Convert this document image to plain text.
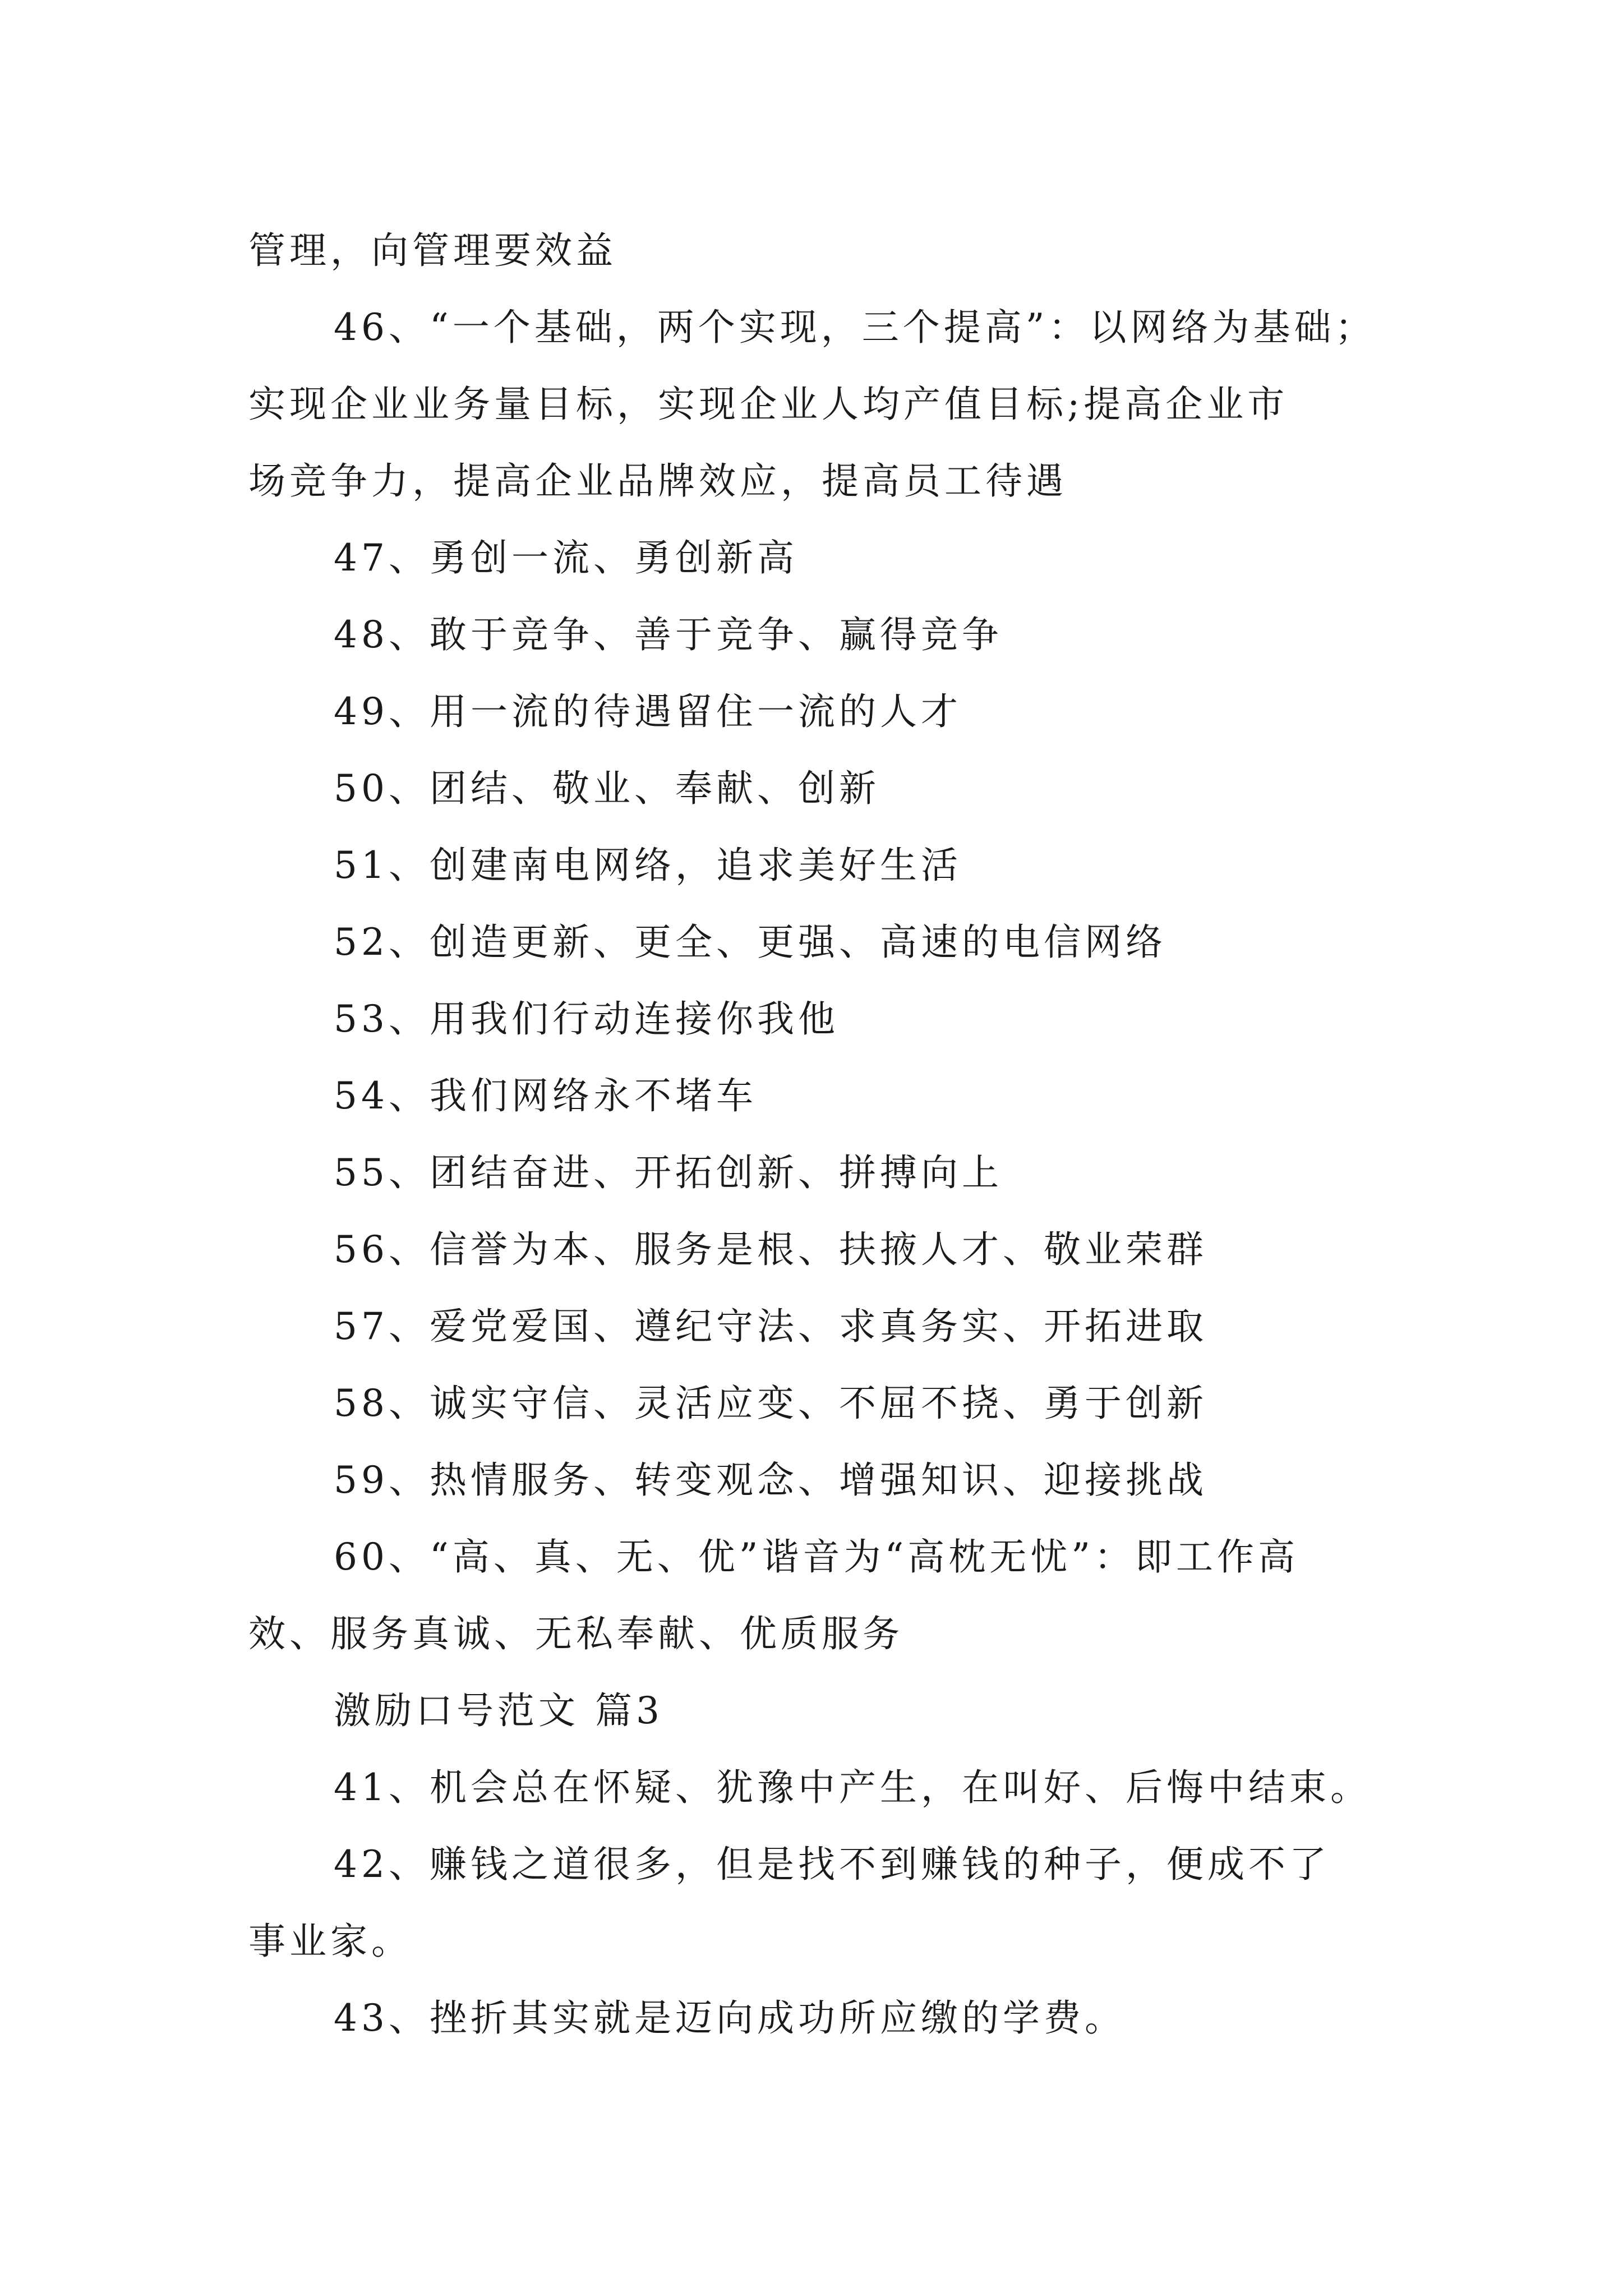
管理，向管理要效益
46、“一个基础，两个实现，三个提高”：以网络为基础；
实现企业业务量目标，实现企业人均产值目标;提高企业市
场竞争力，提高企业品牌效应，提高员工待遇
47、勇创一流、勇创新高
48、敢于竞争、善于竞争、赢得竞争
49、用一流的待遇留住一流的人才
50、团结、敬业、奉献、创新
51、创建南电网络，追求美好生活
52、创造更新、更全、更强、高速的电信网络
53、用我们行动连接你我他
54、我们网络永不堵车
55、团结奋进、开拓创新、拼搏向上
56、信誉为本、服务是根、扶掖人才、敬业荣群
57、爱党爱国、遵纪守法、求真务实、开拓进取
58、诚实守信、灵活应变、不屈不挠、勇于创新
59、热情服务、转变观念、增强知识、迎接挑战
60、“高、真、无、优”谐音为“高枕无忧”：即工作高
效、服务真诚、无私奉献、优质服务
激励口号范文 篇3
41、机会总在怀疑、犹豫中产生，在叫好、后悔中结束。
42、赚钱之道很多，但是找不到赚钱的种子，便成不了
事业家。
43、挫折其实就是迈向成功所应缴的学费。
